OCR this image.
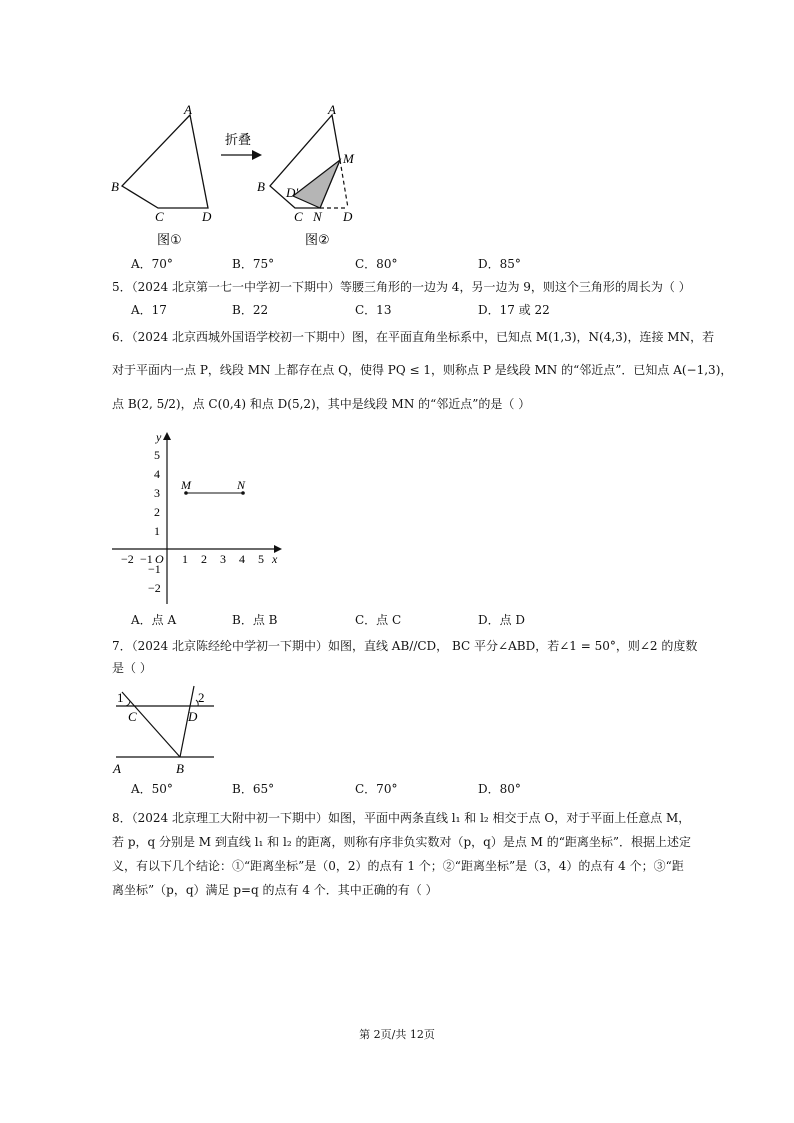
A
B
C	D
图①
折叠
A
B
M
D'
C N D
图②
A．70°	B．75°	C．80°	D．85°
5．（2024 北京第一七一中学初一下期中）等腰三角形的一边为 4，另一边为 9，则这个三角形的周长为（ ）
A．17	B．22	C．13	D．17 或 22
6．（2024 北京西城外国语学校初一下期中）图，在平面直角坐标系中，已知点 M(1,3)，N(4,3)，连接 MN，若
对于平面内一点 P，线段 MN 上都存在点 Q，使得 PQ ≤ 1，则称点 P 是线段 MN 的“邻近点”．已知点 A(−1,3)，
点 B(2, 5/2)，点 C(0,4) 和点 D(5,2)，其中是线段 MN 的“邻近点”的是（ ）
M	N
y
x
O
−2 −1 1 2 3 4 5
5
4
3
2
1
−1
−2
A．点 A	B．点 B	C．点 C	D．点 D
7．（2024 北京陈经纶中学初一下期中）如图，直线 AB//CD， BC 平分∠ABD，若∠1 = 50°，则∠2 的度数
是（ ）
1	2
C	D
A	B
A．50°	B．65°	C．70°	D．80°
8．（2024 北京理工大附中初一下期中）如图，平面中两条直线 l₁ 和 l₂ 相交于点 O，对于平面上任意点 M，
若 p，q 分别是 M 到直线 l₁ 和 l₂ 的距离，则称有序非负实数对（p，q）是点 M 的“距离坐标”．根据上述定
义，有以下几个结论：①“距离坐标”是（0，2）的点有 1 个；②“距离坐标”是（3，4）的点有 4 个；③“距
离坐标”（p，q）满足 p=q 的点有 4 个．其中正确的有（ ）
第 2页/共 12页
